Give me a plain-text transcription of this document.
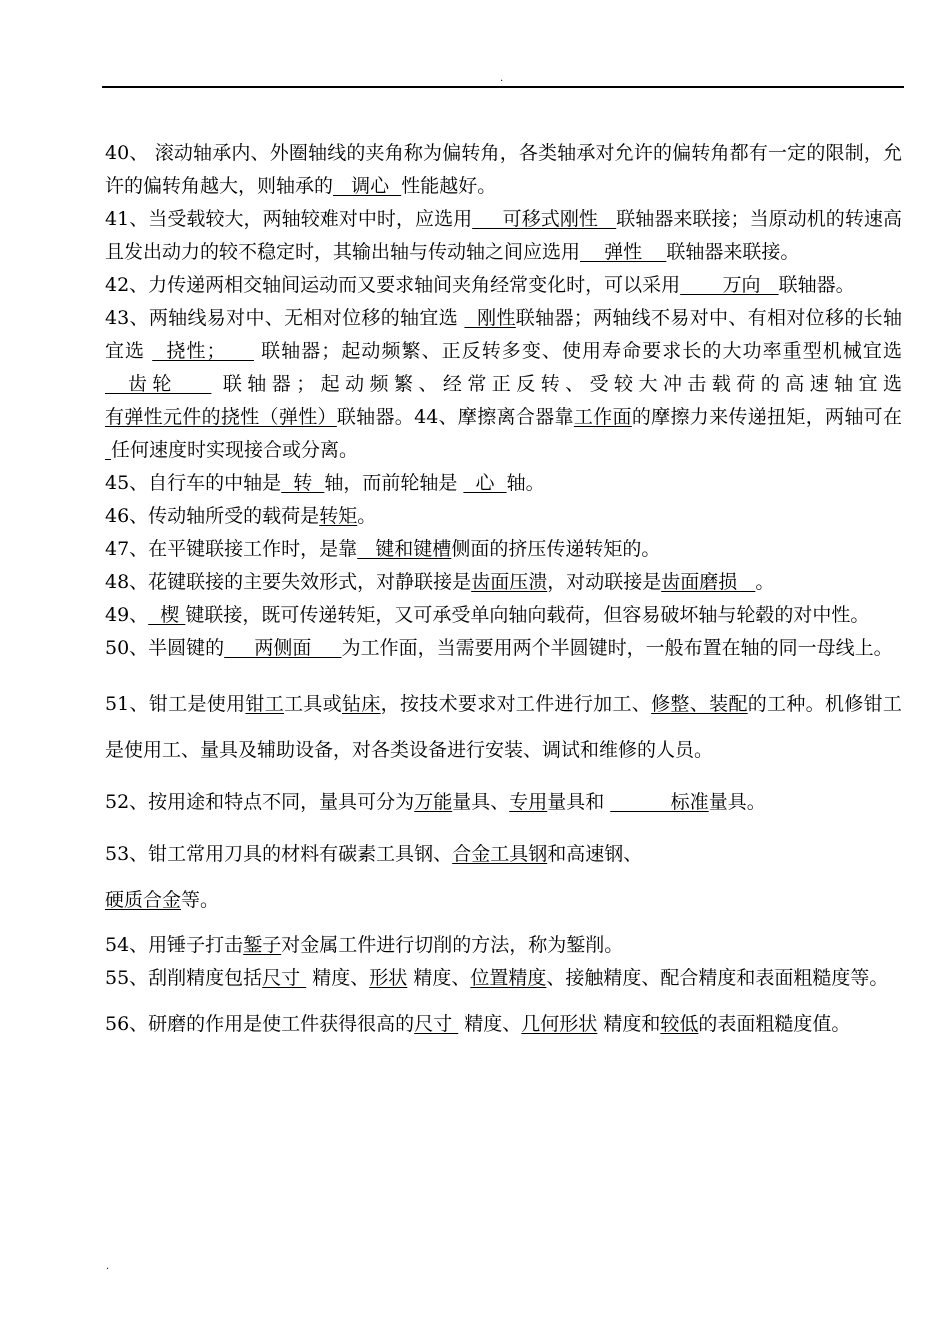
.

40、 滚动轴承内、外圈轴线的夹角称为偏转角，各类轴承对允许的偏转角都有一定的限制，允许的偏转角越大，则轴承的   调心  性能越好。

41、当受载较大，两轴较难对中时，应选用     可移式刚性   联轴器来联接；当原动机的转速高且发出动力的较不稳定时，其输出轴与传动轴之间应选用    弹性    联轴器来联接。

42、力传递两相交轴间运动而又要求轴间夹角经常变化时，可以采用       万向   联轴器。

43、两轴线易对中、无相对位移的轴宜选   刚性联轴器；两轴线不易对中、有相对位移的长轴宜选   挠性；     联轴器；起动频繁、正反转多变、使用寿命要求长的大功率重型机械宜选   齿轮    联轴器；起动频繁、经常正反转、受较大冲击载荷的高速轴宜选有弹性元件的挠性（弹性）联轴器。44、摩擦离合器靠工作面的摩擦力来传递扭矩，两轴可在  任何速度时实现接合或分离。

45、自行车的中轴是  转  轴，而前轮轴是   心  轴。

46、传动轴所受的载荷是转矩。

47、在平键联接工作时，是靠   键和键槽侧面的挤压传递转矩的。

48、花键联接的主要失效形式，对静联接是齿面压溃，对动联接是齿面磨损   。

49、  楔 键联接，既可传递转矩，又可承受单向轴向载荷，但容易破坏轴与轮毂的对中性。

50、半圆键的     两侧面     为工作面，当需要用两个半圆键时，一般布置在轴的同一母线上。

51、钳工是使用钳工工具或钻床，按技术要求对工件进行加工、修整、装配的工种。机修钳工是使用工、量具及辅助设备，对各类设备进行安装、调试和维修的人员。

52、按用途和特点不同，量具可分为万能量具、专用量具和           标准量具。

53、钳工常用刀具的材料有碳素工具钢、合金工具钢和高速钢、
硬质合金等。

54、用锤子打击錾子对金属工件进行切削的方法，称为錾削。

55、刮削精度包括尺寸  精度、形状 精度、位置精度、接触精度、配合精度和表面粗糙度等。

56、研磨的作用是使工件获得很高的尺寸  精度、几何形状 精度和较低的表面粗糙度值。

.
